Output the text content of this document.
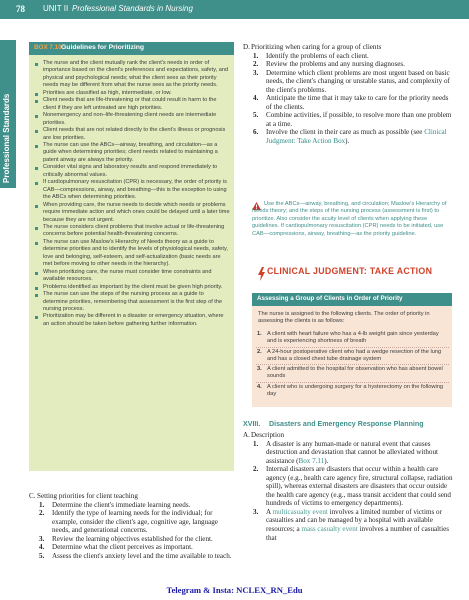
78 UNIT II Professional Standards in Nursing
Professional Standards
BOX 7.10 Guidelines for Prioritizing
The nurse and the client mutually rank the client's needs in order of importance based on the client's preferences and expectations, safety, and physical and psychological needs; what the client sees as their priority needs may be different from what the nurse sees as the priority needs.
Priorities are classified as high, intermediate, or low.
Client needs that are life-threatening or that could result in harm to the client if they are left untreated are high priorities.
Nonemergency and non–life-threatening client needs are intermediate priorities.
Client needs that are not related directly to the client's illness or prognosis are low priorities.
The nurse can use the ABCs—airway, breathing, and circulation—as a guide when determining priorities; client needs related to maintaining a patent airway are always the priority.
Consider vital signs and laboratory results and respond immediately to critically abnormal values.
If cardiopulmonary resuscitation (CPR) is necessary, the order of priority is CAB—compressions, airway, and breathing—this is the exception to using the ABCs when determining priorities.
When providing care, the nurse needs to decide which needs or problems require immediate action and which ones could be delayed until a later time because they are not urgent.
The nurse considers client problems that involve actual or life-threatening concerns before potential health-threatening concerns.
The nurse can use Maslow's Hierarchy of Needs theory as a guide to determine priorities and to identify the levels of physiological needs, safety, love and belonging, self-esteem, and self-actualization (basic needs are met before moving to other needs in the hierarchy).
When prioritizing care, the nurse must consider time constraints and available resources.
Problems identified as important by the client must be given high priority.
The nurse can use the steps of the nursing process as a guide to determine priorities, remembering that assessment is the first step of the nursing process.
Prioritization may be different in a disaster or emergency situation, where an action should be taken before gathering further information.
C. Setting priorities for client teaching
1. Determine the client's immediate learning needs.
2. Identify the type of learning needs for the individual; for example, consider the client's age, cognitive age, language needs, and generational concerns.
3. Review the learning objectives established for the client.
4. Determine what the client perceives as important.
5. Assess the client's anxiety level and the time available to teach.
D. Prioritizing when caring for a group of clients
1. Identify the problems of each client.
2. Review the problems and any nursing diagnoses.
3. Determine which client problems are most urgent based on basic needs, the client's changing or unstable status, and complexity of the client's problems.
4. Anticipate the time that it may take to care for the priority needs of the clients.
5. Combine activities, if possible, to resolve more than one problem at a time.
6. Involve the client in their care as much as possible (see Clinical Judgment: Take Action Box).
Use the ABCs—airway, breathing, and circulation; Maslow's Hierarchy of Needs theory; and the steps of the nursing process (assessment is first) to prioritize. Also consider the acuity level of clients when applying these guidelines. If cardiopulmonary resuscitation (CPR) needs to be initiated, use CAB—compressions, airway, breathing—as the priority guideline.
CLINICAL JUDGMENT: TAKE ACTION
Assessing a Group of Clients in Order of Priority
The nurse is assigned to the following clients. The order of priority in assessing the clients is as follows:
1. A client with heart failure who has a 4-lb weight gain since yesterday and is experiencing shortness of breath
2. A 24-hour postoperative client who had a wedge resection of the lung and has a closed chest tube drainage system
3. A client admitted to the hospital for observation who has absent bowel sounds
4. A client who is undergoing surgery for a hysterectomy on the following day
XVIII. Disasters and Emergency Response Planning
A. Description
1. A disaster is any human-made or natural event that causes destruction and devastation that cannot be alleviated without assistance (Box 7.11).
2. Internal disasters are disasters that occur within a health care agency (e.g., health care agency fire, structural collapse, radiation spill), whereas external disasters are disasters that occur outside the health care agency (e.g., mass transit accident that could send hundreds of victims to emergency departments).
3. A multicasualty event involves a limited number of victims or casualties and can be managed by a hospital with available resources; a mass casualty event involves a number of casualties that
Telegram & Insta: NCLEX_RN_Edu
